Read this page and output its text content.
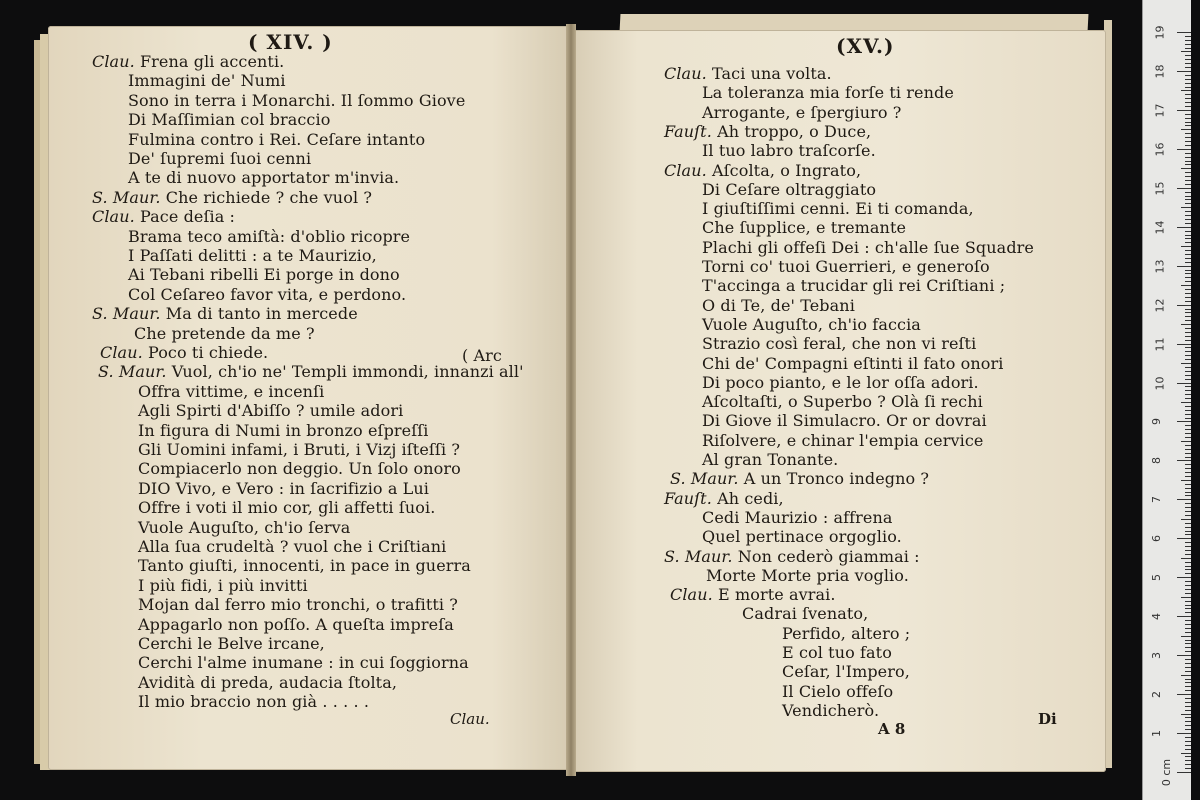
( XIV. )	(XV.)
Clau. Frena gli accenti.
Immagini de' Numi
Sono in terra i Monarchi. Il ſommo Giove
Di Maſſimian col braccio
Fulmina contro i Rei. Ceſare intanto
De' ſupremi ſuoi cenni
A te di nuovo apportator m'invia.
S. Maur. Che richiede ? che vuol ?
Clau. Pace deſia :
Brama teco amiſtà: d'oblio ricopre
I Paſſati delitti : a te Maurizio,
Ai Tebani ribelli Ei porge in dono
Col Ceſareo favor vita, e perdono.
S. Maur. Ma di tanto in mercede
Che pretende da me ?
Clau. Poco ti chiede.
S. Maur. Vuol, ch'io ne' Templi immondi, innanzi all'
Offra vittime, e incenſi
Agli Spirti d'Abiſſo ? umile adori
In figura di Numi in bronzo eſpreſſi
Gli Uomini infami, i Bruti, i Vizj iſteſſi ?
Compiacerlo non deggio. Un ſolo onoro
DIO Vivo, e Vero : in ſacrifizio a Lui
Offre i voti il mio cor, gli affetti ſuoi.
Vuole Auguſto, ch'io ſerva
Alla ſua crudeltà ? vuol che i Criſtiani
Tanto giuſti, innocenti, in pace in guerra
I più fidi, i più invitti
Mojan dal ferro mio tronchi, o trafitti ?
Appagarlo non poſſo. A queſta impreſa
Cerchi le Belve ircane,
Cerchi l'alme inumane : in cui ſoggiorna
Avidità di preda, audacia ſtolta,
Il mio braccio non già . . . . .
Clau. Taci una volta.
La toleranza mia forſe ti rende
Arrogante, e ſpergiuro ?
Fauſt. Ah troppo, o Duce,
Il tuo labro traſcorſe.
Clau. Aſcolta, o Ingrato,
Di Ceſare oltraggiato
I giuſtiſſimi cenni. Ei ti comanda,
Che ſupplice, e tremante
Plachi gli offeſi Dei : ch'alle ſue Squadre
Torni co' tuoi Guerrieri, e generoſo
T'accinga a trucidar gli rei Criſtiani ;
O di Te, de' Tebani
Vuole Auguſto, ch'io faccia
Strazio così feral, che non vi reſti
Chi de' Compagni eſtinti il fato onori
Di poco pianto, e le lor oſſa adori.
Aſcoltaſti, o Superbo ? Olà ſi rechi
Di Giove il Simulacro. Or or dovrai
Riſolvere, e chinar l'empia cervice
Al gran Tonante.
S. Maur. A un Tronco indegno ?
Fauſt. Ah cedi,
Cedi Maurizio : affrena
Quel pertinace orgoglio.
S. Maur. Non cederò giammai :
Morte Morte pria voglio.
Clau. E morte avrai.
Cadrai ſvenato,
Perfido, altero ;
E col tuo fato
Ceſar, l'Impero,
Il Cielo offeſo
Vendicherò.
( Arc
Clau.
A 8
Di
19
18
17
16
15
14
13
12
11
10
9
8
7
6
5
4
3
2
1
0 cm
